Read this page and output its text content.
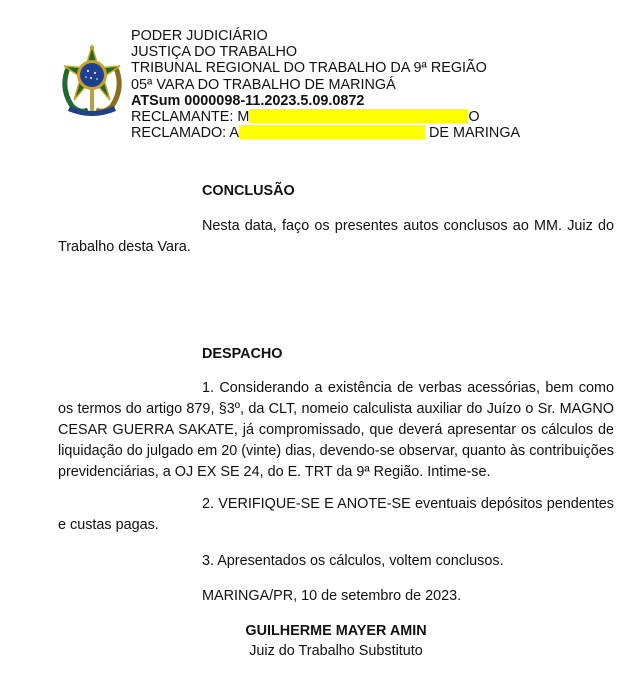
PODER JUDICIÁRIO
JUSTIÇA DO TRABALHO
TRIBUNAL REGIONAL DO TRABALHO DA 9ª REGIÃO
05ª VARA DO TRABALHO DE MARINGÁ
ATSum 0000098-11.2023.5.09.0872
RECLAMANTE: M	O
RECLAMADO: A	DE MARINGA
CONCLUSÃO
Nesta data, faço os presentes autos conclusos ao MM. Juiz do Trabalho desta Vara.
DESPACHO
1. Considerando a existência de verbas acessórias, bem como os termos do artigo 879, §3º, da CLT, nomeio calculista auxiliar do Juízo o Sr. MAGNO CESAR GUERRA SAKATE, já compromissado, que deverá apresentar os cálculos de liquidação do julgado em 20 (vinte) dias, devendo-se observar, quanto às contribuições previdenciárias, a OJ EX SE 24, do E. TRT da 9ª Região. Intime-se.
2. VERIFIQUE-SE E ANOTE-SE eventuais depósitos pendentes e custas pagas.
3. Apresentados os cálculos, voltem conclusos.
MARINGA/PR, 10 de setembro de 2023.
GUILHERME MAYER AMIN
Juiz do Trabalho Substituto
